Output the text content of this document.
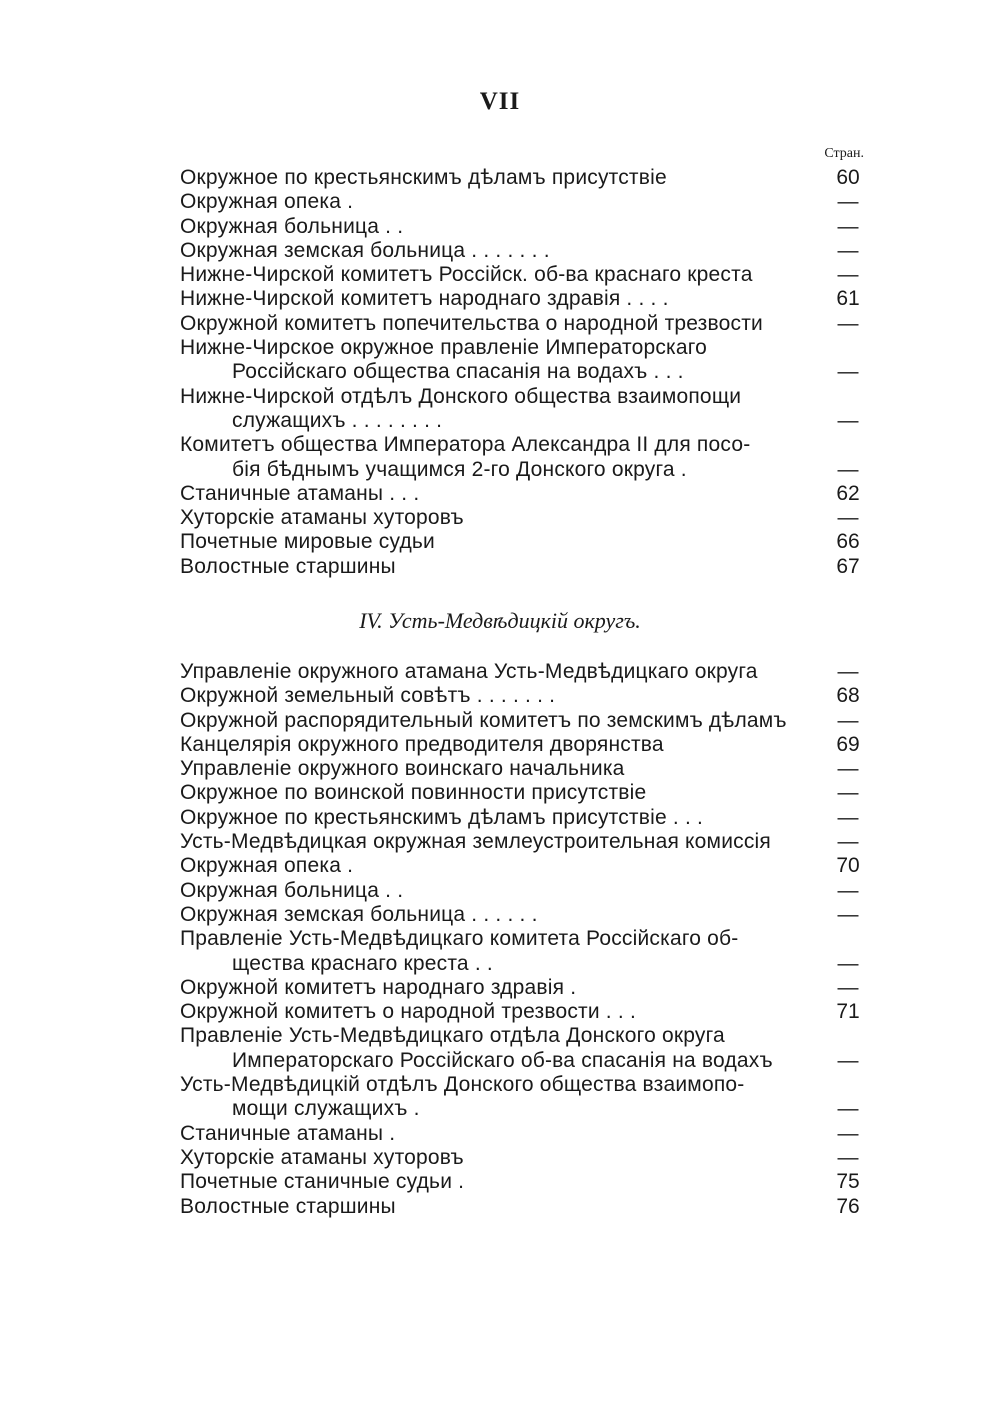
VII
Стран.
Окружное по крестьянскимъ дѣламъ присутствіе	60
Окружная опека .	—
Окружная больница . .	—
Окружная земская больница . . . . . . .	—
Нижне-Чирской комитетъ Россійск. об-ва краснаго креста	—
Нижне-Чирской комитетъ народнаго здравія . . . .	61
Окружной комитетъ попечительства о народной трезвости	—
Нижне-Чирское окружное правленіе Императорскаго
Россійскаго общества спасанія на водахъ . . .	—
Нижне-Чирской отдѣлъ Донского общества взаимопощи
служащихъ . . . . . . . .	—
Комитетъ общества Императора Александра II для посо-
бія бѣднымъ учащимся 2-го Донского округа .	—
Станичные атаманы . . .	62
Хуторскіе атаманы хуторовъ	—
Почетные мировые судьи	66
Волостные старшины	67
IV. Усть-Медвѣдицкій округъ.
Управленіе окружного атамана Усть-Медвѣдицкаго округа	—
Окружной земельный совѣтъ . . . . . . .	68
Окружной распорядительный комитетъ по земскимъ дѣламъ	—
Канцелярія окружного предводителя дворянства	69
Управленіе окружного воинскаго начальника	—
Окружное по воинской повинности присутствіе	—
Окружное по крестьянскимъ дѣламъ присутствіе . . .	—
Усть-Медвѣдицкая окружная землеустроительная комиссія	—
Окружная опека .	70
Окружная больница . .	—
Окружная земская больница . . . . . .	—
Правленіе Усть-Медвѣдицкаго комитета Россійскаго об-
щества краснаго креста . .	—
Окружной комитетъ народнаго здравія .	—
Окружной комитетъ о народной трезвости . . .	71
Правленіе Усть-Медвѣдицкаго отдѣла Донского округа
Императорскаго Россійскаго об-ва спасанія на водахъ	—
Усть-Медвѣдицкій отдѣлъ Донского общества взаимопо-
мощи служащихъ .	—
Станичные атаманы .	—
Хуторскіе атаманы хуторовъ	—
Почетные станичные судьи .	75
Волостные старшины	76
